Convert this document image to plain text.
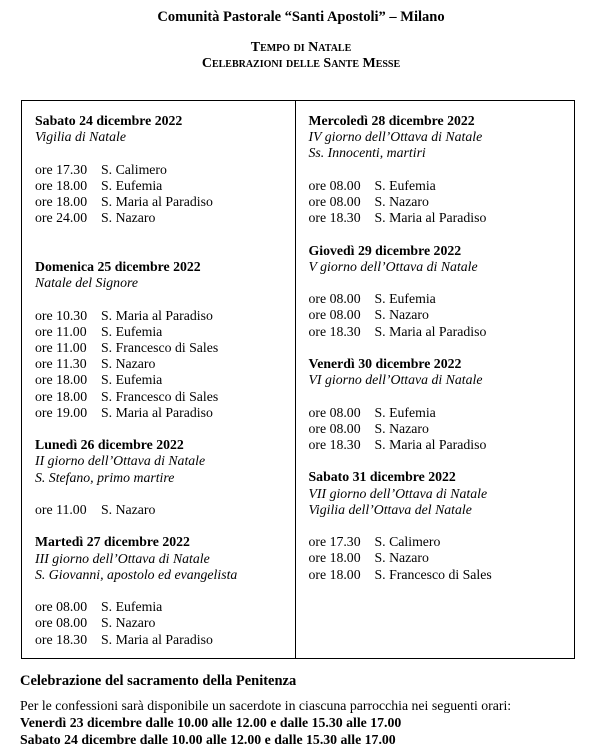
Comunità Pastorale “Santi Apostoli” – Milano
Tempo di Natale
Celebrazioni delle Sante Messe
Sabato 24 dicembre 2022
Vigilia di Natale
ore 17.30	S. Calimero
ore 18.00	S. Eufemia
ore 18.00	S. Maria al Paradiso
ore 24.00	S. Nazaro
Domenica 25 dicembre 2022
Natale del Signore
ore 10.30	S. Maria al Paradiso
ore 11.00	S. Eufemia
ore 11.00	S. Francesco di Sales
ore 11.30	S. Nazaro
ore 18.00	S. Eufemia
ore 18.00	S. Francesco di Sales
ore 19.00	S. Maria al Paradiso
Lunedì 26 dicembre 2022
II giorno dell’Ottava di Natale
S. Stefano, primo martire
ore 11.00	S. Nazaro
Martedì 27 dicembre 2022
III giorno dell’Ottava di Natale
S. Giovanni, apostolo ed evangelista
ore 08.00	S. Eufemia
ore 08.00	S. Nazaro
ore 18.30	S. Maria al Paradiso
Mercoledì 28 dicembre 2022
IV giorno dell’Ottava di Natale
Ss. Innocenti, martiri
ore 08.00	S. Eufemia
ore 08.00	S. Nazaro
ore 18.30	S. Maria al Paradiso
Giovedì 29 dicembre 2022
V giorno dell’Ottava di Natale
ore 08.00	S. Eufemia
ore 08.00	S. Nazaro
ore 18.30	S. Maria al Paradiso
Venerdì 30 dicembre 2022
VI giorno dell’Ottava di Natale
ore 08.00	S. Eufemia
ore 08.00	S. Nazaro
ore 18.30	S. Maria al Paradiso
Sabato 31 dicembre 2022
VII giorno dell’Ottava di Natale
Vigilia dell’Ottava del Natale
ore 17.30	S. Calimero
ore 18.00	S. Nazaro
ore 18.00	S. Francesco di Sales
Celebrazione del sacramento della Penitenza
Per le confessioni sarà disponibile un sacerdote in ciascuna parrocchia nei seguenti orari:
Venerdì 23 dicembre dalle 10.00 alle 12.00 e dalle 15.30 alle 17.00
Sabato 24 dicembre dalle 10.00 alle 12.00 e dalle 15.30 alle 17.00
